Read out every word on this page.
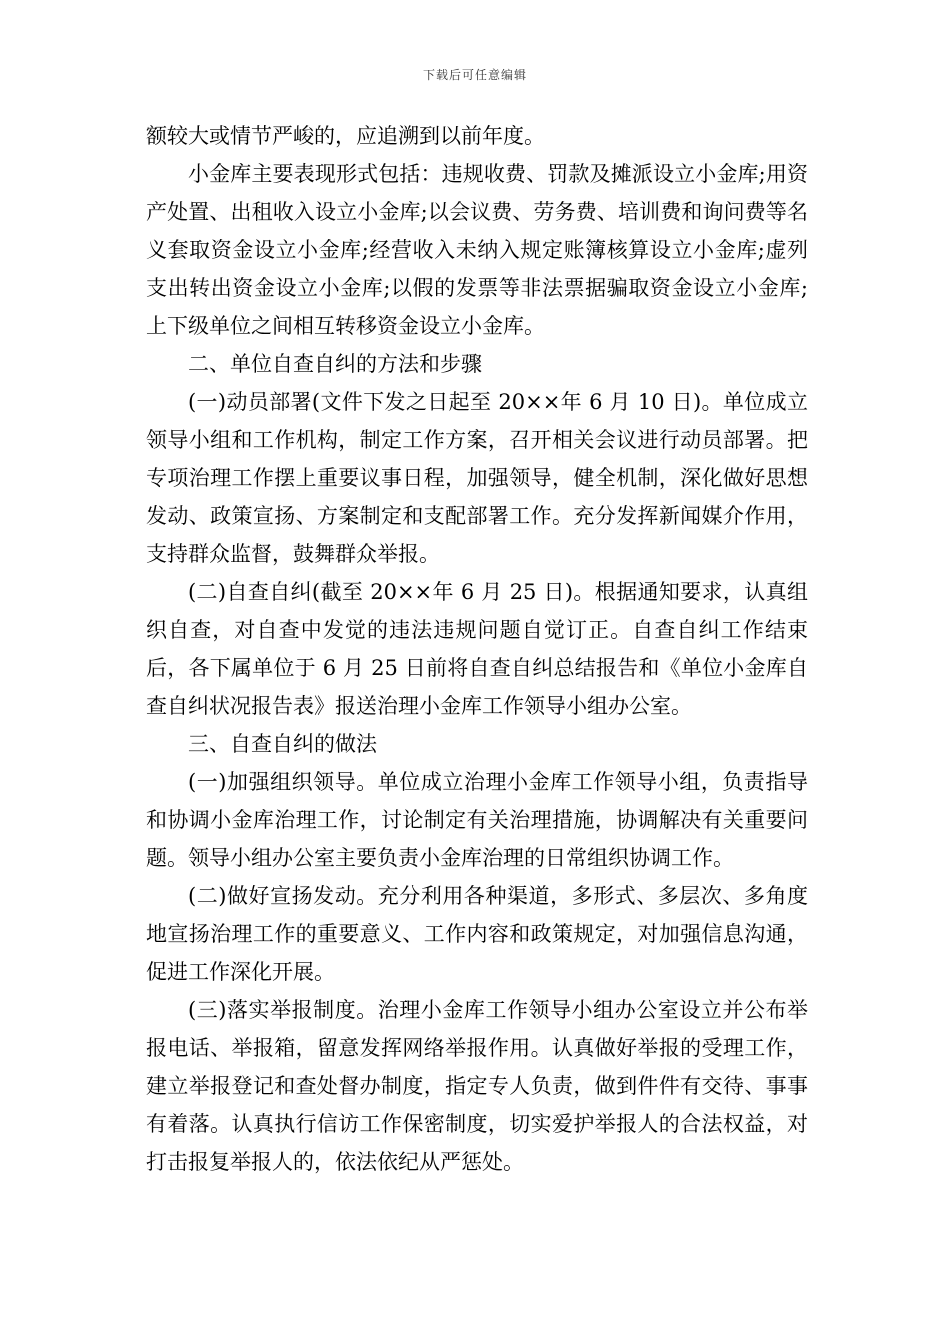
下载后可任意编辑

额较大或情节严峻的，应追溯到以前年度。

小金库主要表现形式包括：违规收费、罚款及摊派设立小金库;用资产处置、出租收入设立小金库;以会议费、劳务费、培训费和询问费等名义套取资金设立小金库;经营收入未纳入规定账簿核算设立小金库;虚列支出转出资金设立小金库;以假的发票等非法票据骗取资金设立小金库;上下级单位之间相互转移资金设立小金库。

二、单位自查自纠的方法和步骤

(一)动员部署(文件下发之日起至 20××年 6 月 10 日)。单位成立领导小组和工作机构，制定工作方案，召开相关会议进行动员部署。把专项治理工作摆上重要议事日程，加强领导，健全机制，深化做好思想发动、政策宣扬、方案制定和支配部署工作。充分发挥新闻媒介作用，支持群众监督，鼓舞群众举报。

(二)自查自纠(截至 20××年 6 月 25 日)。根据通知要求，认真组织自查，对自查中发觉的违法违规问题自觉订正。自查自纠工作结束后，各下属单位于 6 月 25 日前将自查自纠总结报告和《单位小金库自查自纠状况报告表》报送治理小金库工作领导小组办公室。

三、自查自纠的做法

(一)加强组织领导。单位成立治理小金库工作领导小组，负责指导和协调小金库治理工作，讨论制定有关治理措施，协调解决有关重要问题。领导小组办公室主要负责小金库治理的日常组织协调工作。

(二)做好宣扬发动。充分利用各种渠道，多形式、多层次、多角度地宣扬治理工作的重要意义、工作内容和政策规定，对加强信息沟通，促进工作深化开展。

(三)落实举报制度。治理小金库工作领导小组办公室设立并公布举报电话、举报箱，留意发挥网络举报作用。认真做好举报的受理工作，建立举报登记和查处督办制度，指定专人负责，做到件件有交待、事事有着落。认真执行信访工作保密制度，切实爱护举报人的合法权益，对打击报复举报人的，依法依纪从严惩处。
